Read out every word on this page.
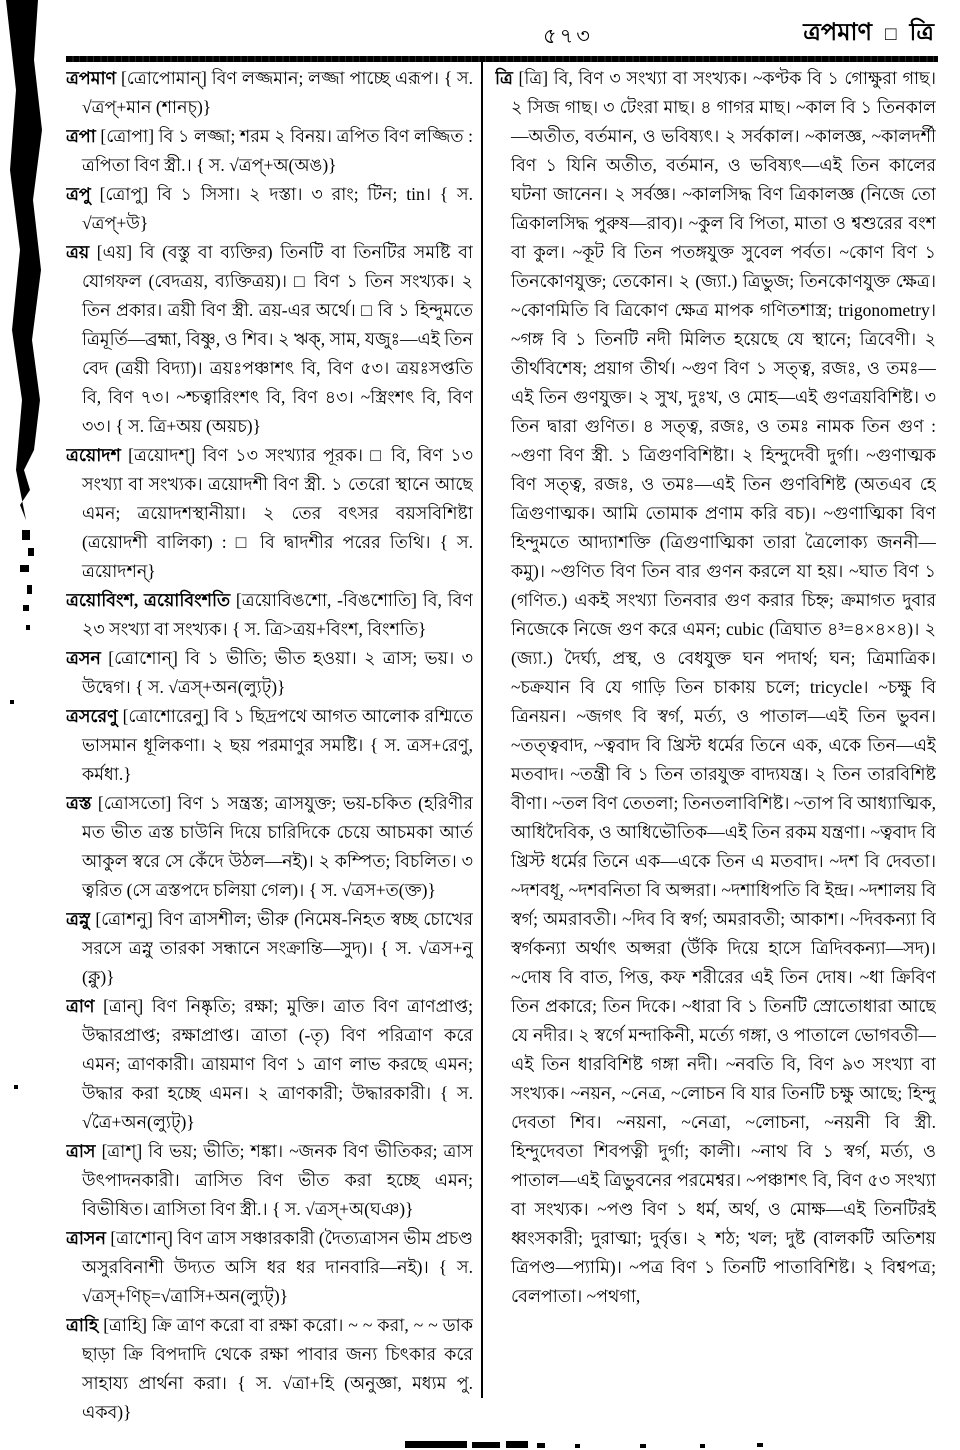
৫৭৩	ত্রপমাণ □ ত্রি

ত্রপমাণ [ত্রোপোমান্] বিণ লজ্জমান; লজ্জা পাচ্ছে এরূপ। { স. √ত্রপ্+মান (শানচ্)}

ত্রপা [ত্রোপা] বি ১ লজ্জা; শরম ২ বিনয়। ত্রপিত বিণ লজ্জিত : ত্রপিতা বিণ স্ত্রী.। { স. √ত্রপ্+অ(অঙ)}

ত্রপু [ত্রোপু] বি ১ সিসা। ২ দস্তা। ৩ রাং; টিন; tin। { স. √ত্রপ্+উ}

ত্রয় [এয়] বি (বস্তু বা ব্যক্তির) তিনটি বা তিনটির সমষ্টি বা যোগফল (বেদত্রয়, ব্যক্তিত্রয়)। □ বিণ ১ তিন সংখ্যক। ২ তিন প্রকার। ত্রয়ী বিণ স্ত্রী. ত্রয়-এর অর্থে। □ বি ১ হিন্দুমতে ত্রিমূর্তি—ব্রহ্মা, বিষ্ণু, ও শিব। ২ ঋক্, সাম, যজুঃ—এই তিন বেদ (ত্রয়ী বিদ্যা)। ত্রয়ঃপঞ্চাশৎ বি, বিণ ৫৩। ত্রয়ঃসপ্ততি বি, বিণ ৭৩। ~শ্চত্বারিংশৎ বি, বিণ ৪৩। ~স্ত্রিংশৎ বি, বিণ ৩৩। { স. ত্রি+অয় (অয়চ)}

ত্রয়োদশ [ত্রয়োদশ্] বিণ ১৩ সংখ্যার পূরক। □ বি, বিণ ১৩ সংখ্যা বা সংখ্যক। ত্রয়োদশী বিণ স্ত্রী. ১ তেরো স্থানে আছে এমন; ত্রয়োদশস্থানীয়া। ২ তের বৎসর বয়সবিশিষ্টা (ত্রয়োদশী বালিকা) : □ বি দ্বাদশীর পরের তিথি। { স. ত্রয়োদশন্}

ত্রয়োবিংশ, ত্রয়োবিংশতি [ত্রয়োবিঙশো, -বিঙশোতি] বি, বিণ ২৩ সংখ্যা বা সংখ্যক। { স. ত্রি>ত্রয়+বিংশ, বিংশতি}

ত্রসন [ত্রোশোন্] বি ১ ভীতি; ভীত হওয়া। ২ ত্রাস; ভয়। ৩ উদ্বেগ। { স. √ত্রস্+অন(ল্যুট্)}

ত্রসরেণু [ত্রোশোরেনু] বি ১ ছিদ্রপথে আগত আলোক রশ্মিতে ভাসমান ধূলিকণা। ২ ছয় পরমাণুর সমষ্টি। { স. ত্রস+রেণু, কর্মধা.}

ত্রস্ত [ত্রোসতো] বিণ ১ সন্ত্রস্ত; ত্রাসযুক্ত; ভয়-চকিত (হরিণীর মত ভীত ত্রস্ত চাউনি দিয়ে চারিদিকে চেয়ে আচমকা আর্ত আকুল স্বরে সে কেঁদে উঠল—নই)। ২ কম্পিত; বিচলিত। ৩ ত্বরিত (সে ত্রস্তপদে চলিয়া গেল)। { স. √ত্রস+ত(ক্ত)}

ত্রস্নু [ত্রোশনু] বিণ ত্রাসশীল; ভীরু (নিমেষ-নিহত স্বচ্ছ চোখের সরসে ত্রস্নু তারকা সন্ধানে সংক্রান্তি—সুদ)। { স. √ত্রস+নু (ক্নু)}

ত্রাণ [ত্রান্] বিণ নিষ্কৃতি; রক্ষা; মুক্তি। ত্রাত বিণ ত্রাণপ্রাপ্ত; উদ্ধারপ্রাপ্ত; রক্ষাপ্রাপ্ত। ত্রাতা (-তৃ) বিণ পরিত্রাণ করে এমন; ত্রাণকারী। ত্রায়মাণ বিণ ১ ত্রাণ লাভ করছে এমন; উদ্ধার করা হচ্ছে এমন। ২ ত্রাণকারী; উদ্ধারকারী। { স. √ত্রৈ+অন(ল্যুট্)}

ত্রাস [ত্রাশ্] বি ভয়; ভীতি; শঙ্কা। ~জনক বিণ ভীতিকর; ত্রাস উৎপাদনকারী। ত্রাসিত বিণ ভীত করা হচ্ছে এমন; বিভীষিত। ত্রাসিতা বিণ স্ত্রী.। { স. √ত্রস্+অ(ঘঞ)}

ত্রাসন [ত্রাশোন্] বিণ ত্রাস সঞ্চারকারী (দৈত্যত্রাসন ভীম প্রচণ্ড অসুরবিনাশী উদ্যত অসি ধর ধর দানবারি—নই)। { স. √ত্রস্+ণিচ্=√ত্রাসি+অন(ল্যুট্)}

ত্রাহি [ত্রাহি] ক্রি ত্রাণ করো বা রক্ষা করো। ~ ~ করা, ~ ~ ডাক ছাড়া ক্রি বিপদাদি থেকে রক্ষা পাবার জন্য চিৎকার করে সাহায্য প্রার্থনা করা। { স. √ত্রা+হি (অনুজ্ঞা, মধ্যম পু. একব)}

ত্রি [ত্রি] বি, বিণ ৩ সংখ্যা বা সংখ্যক। ~কণ্টক বি ১ গোক্ষুরা গাছ। ২ সিজ গাছ। ৩ টেংরা মাছ। ৪ গাগর মাছ। ~কাল বি ১ তিনকাল—অতীত, বর্তমান, ও ভবিষ্যৎ। ২ সর্বকাল। ~কালজ্ঞ, ~কালদর্শী বিণ ১ যিনি অতীত, বর্তমান, ও ভবিষ্যৎ—এই তিন কালের ঘটনা জানেন। ২ সর্বজ্ঞ। ~কালসিদ্ধ বিণ ত্রিকালজ্ঞ (নিজে তো ত্রিকালসিদ্ধ পুরুষ—রাব)। ~কুল বি পিতা, মাতা ও শ্বশুরের বংশ বা কুল। ~কূট বি তিন পতঙ্গযুক্ত সুবেল পর্বত। ~কোণ বিণ ১ তিনকোণযুক্ত; তেকোন। ২ (জ্যা.) ত্রিভুজ; তিনকোণযুক্ত ক্ষেত্র। ~কোণমিতি বি ত্রিকোণ ক্ষেত্র মাপক গণিতশাস্ত্র; trigonometry। ~গঙ্গ বি ১ তিনটি নদী মিলিত হয়েছে যে স্থানে; ত্রিবেণী। ২ তীর্থবিশেষ; প্রয়াগ তীর্থ। ~গুণ বিণ ১ সত্ত্ব, রজঃ, ও তমঃ—এই তিন গুণযুক্ত। ২ সুখ, দুঃখ, ও মোহ—এই গুণত্রয়বিশিষ্ট। ৩ তিন দ্বারা গুণিত। ৪ সত্ত্ব, রজঃ, ও তমঃ নামক তিন গুণ : ~গুণা বিণ স্ত্রী. ১ ত্রিগুণবিশিষ্টা। ২ হিন্দুদেবী দুর্গা। ~গুণাত্মক বিণ সত্ত্ব, রজঃ, ও তমঃ—এই তিন গুণবিশিষ্ট (অতএব হে ত্রিগুণাত্মক। আমি তোমাক প্রণাম করি বচ)। ~গুণাত্মিকা বিণ হিন্দুমতে আদ্যাশক্তি (ত্রিগুণাত্মিকা তারা ত্রৈলোক্য জননী—কমু)। ~গুণিত বিণ তিন বার গুণন করলে যা হয়। ~ঘাত বিণ ১ (গণিত.) একই সংখ্যা তিনবার গুণ করার চিহ্ন; ক্রমাগত দুবার নিজেকে নিজে গুণ করে এমন; cubic (ত্রিঘাত ৪³=৪×৪×৪)। ২ (জ্যা.) দৈর্ঘ্য, প্রস্থ, ও বেধযুক্ত ঘন পদার্থ; ঘন; ত্রিমাত্রিক। ~চক্রযান বি যে গাড়ি তিন চাকায় চলে; tricycle। ~চক্ষু বি ত্রিনয়ন। ~জগৎ বি স্বর্গ, মর্ত্য, ও পাতাল—এই তিন ভুবন। ~তত্ত্ববাদ, ~ত্ববাদ বি খ্রিস্ট ধর্মের তিনে এক, একে তিন—এই মতবাদ। ~তন্ত্রী বি ১ তিন তারযুক্ত বাদ্যযন্ত্র। ২ তিন তারবিশিষ্ট বীণা। ~তল বিণ তেতলা; তিনতলাবিশিষ্ট। ~তাপ বি আধ্যাত্মিক, আধিদৈবিক, ও আধিভৌতিক—এই তিন রকম যন্ত্রণা। ~ত্ববাদ বি খ্রিস্ট ধর্মের তিনে এক—একে তিন এ মতবাদ। ~দশ বি দেবতা। ~দশবধূ, ~দশবনিতা বি অপ্সরা। ~দশাধিপতি বি ইন্দ্র। ~দশালয় বি স্বর্গ; অমরাবতী। ~দিব বি স্বর্গ; অমরাবতী; আকাশ। ~দিবকন্যা বি স্বর্গকন্যা অর্থাৎ অপ্সরা (উঁকি দিয়ে হাসে ত্রিদিবকন্যা—সদ)। ~দোষ বি বাত, পিত্ত, কফ শরীরের এই তিন দোষ। ~ধা ক্রিবিণ তিন প্রকারে; তিন দিকে। ~ধারা বি ১ তিনটি স্রোতোধারা আছে যে নদীর। ২ স্বর্গে মন্দাকিনী, মর্ত্যে গঙ্গা, ও পাতালে ভোগবতী—এই তিন ধারবিশিষ্ট গঙ্গা নদী। ~নবতি বি, বিণ ৯৩ সংখ্যা বা সংখ্যক। ~নয়ন, ~নেত্র, ~লোচন বি যার তিনটি চক্ষু আছে; হিন্দু দেবতা শিব। ~নয়না, ~নেত্রা, ~লোচনা, ~নয়নী বি স্ত্রী. হিন্দুদেবতা শিবপত্নী দুর্গা; কালী। ~নাথ বি ১ স্বর্গ, মর্ত্য, ও পাতাল—এই ত্রিভুবনের পরমেশ্বর। ~পঞ্চাশৎ বি, বিণ ৫৩ সংখ্যা বা সংখ্যক। ~পণ্ড বিণ ১ ধর্ম, অর্থ, ও মোক্ষ—এই তিনটিরই ধ্বংসকারী; দুরাত্মা; দুর্বৃত্ত। ২ শঠ; খল; দুষ্ট (বালকটি অতিশয় ত্রিপণ্ড—প্যামি)। ~পত্র বিণ ১ তিনটি পাতাবিশিষ্ট। ২ বিশ্বপত্র; বেলপাতা। ~পথগা,
